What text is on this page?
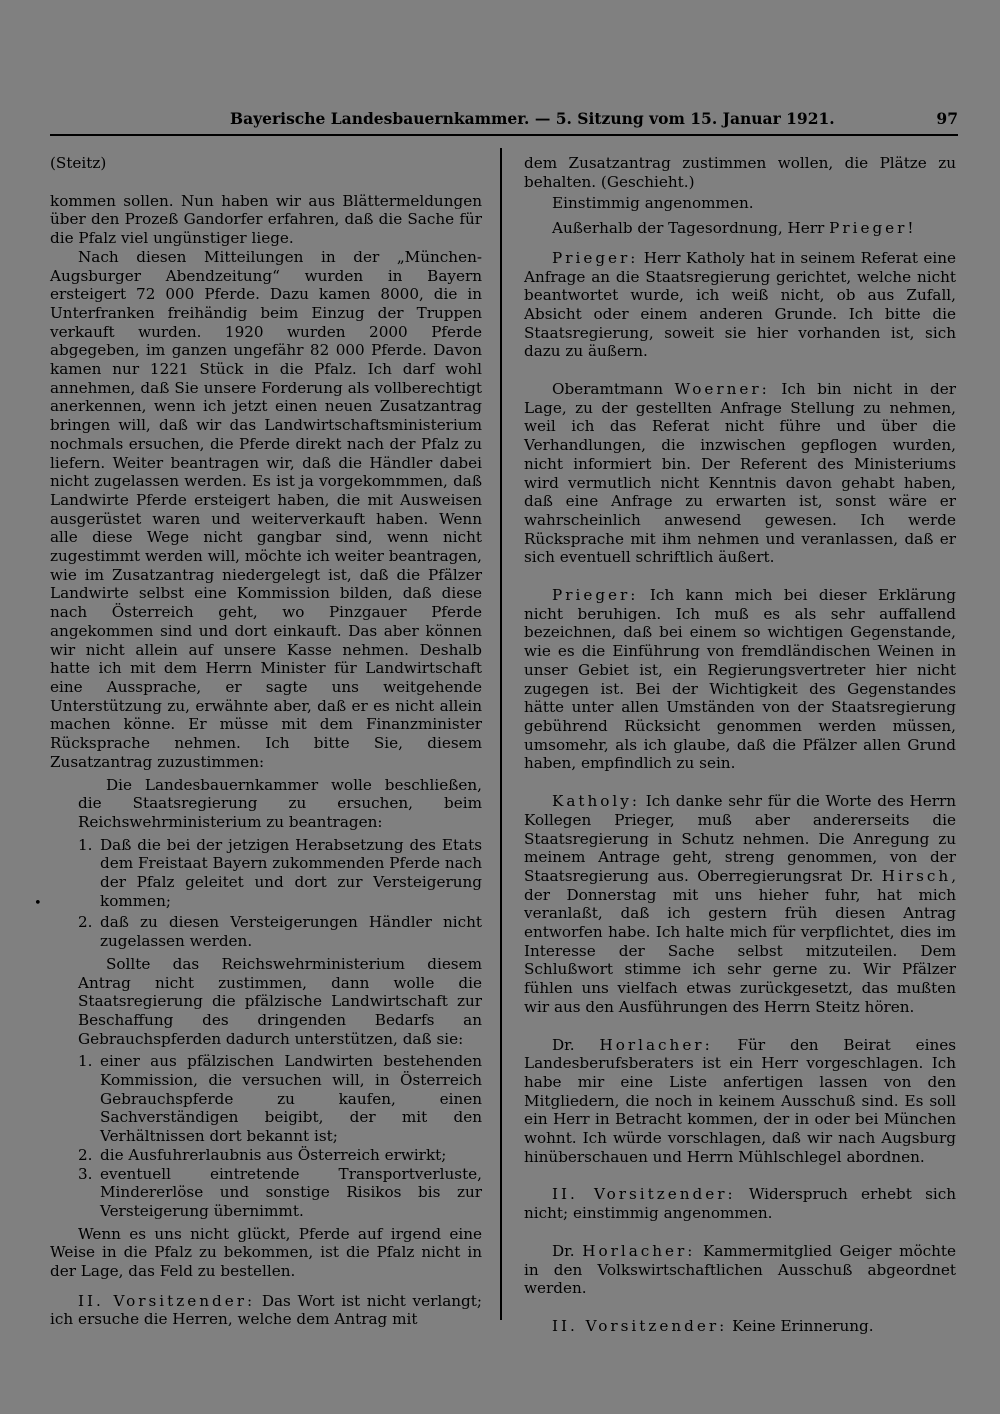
Bayerische Landesbauernkammer. — 5. Sitzung vom 15. Januar 1921.	97

(Steitz)

kommen sollen. Nun haben wir aus Blättermeldungen über den Prozeß Gandorfer erfahren, daß die Sache für die Pfalz viel ungünstiger liege.

Nach diesen Mitteilungen in der „München-Augsburger Abendzeitung“ wurden in Bayern ersteigert 72 000 Pferde. Dazu kamen 8000, die in Unterfranken freihändig beim Einzug der Truppen verkauft wurden. 1920 wurden 2000 Pferde abgegeben, im ganzen ungefähr 82 000 Pferde. Davon kamen nur 1221 Stück in die Pfalz. Ich darf wohl annehmen, daß Sie unsere Forderung als vollberechtigt anerkennen, wenn ich jetzt einen neuen Zusatzantrag bringen will, daß wir das Landwirtschaftsministerium nochmals ersuchen, die Pferde direkt nach der Pfalz zu liefern. Weiter beantragen wir, daß die Händler dabei nicht zugelassen werden. Es ist ja vorgekommmen, daß Landwirte Pferde ersteigert haben, die mit Ausweisen ausgerüstet waren und weiterverkauft haben. Wenn alle diese Wege nicht gangbar sind, wenn nicht zugestimmt werden will, möchte ich weiter beantragen, wie im Zusatzantrag niedergelegt ist, daß die Pfälzer Landwirte selbst eine Kommission bilden, daß diese nach Österreich geht, wo Pinzgauer Pferde angekommen sind und dort einkauft. Das aber können wir nicht allein auf unsere Kasse nehmen. Deshalb hatte ich mit dem Herrn Minister für Landwirtschaft eine Aussprache, er sagte uns weitgehende Unterstützung zu, erwähnte aber, daß er es nicht allein machen könne. Er müsse mit dem Finanzminister Rücksprache nehmen. Ich bitte Sie, diesem Zusatzantrag zuzustimmen:

Die Landesbauernkammer wolle beschließen, die Staatsregierung zu ersuchen, beim Reichswehrministerium zu beantragen:

1. Daß die bei der jetzigen Herabsetzung des Etats dem Freistaat Bayern zukommenden Pferde nach der Pfalz geleitet und dort zur Versteigerung kommen;

2. daß zu diesen Versteigerungen Händler nicht zugelassen werden.

Sollte das Reichswehrministerium diesem Antrag nicht zustimmen, dann wolle die Staatsregierung die pfälzische Landwirtschaft zur Beschaffung des dringenden Bedarfs an Gebrauchspferden dadurch unterstützen, daß sie:

1. einer aus pfälzischen Landwirten bestehenden Kommission, die versuchen will, in Österreich Gebrauchspferde zu kaufen, einen Sachverständigen beigibt, der mit den Verhältnissen dort bekannt ist;

2. die Ausfuhrerlaubnis aus Österreich erwirkt;

3. eventuell eintretende Transportverluste, Mindererlöse und sonstige Risikos bis zur Versteigerung übernimmt.

Wenn es uns nicht glückt, Pferde auf irgend eine Weise in die Pfalz zu bekommen, ist die Pfalz nicht in der Lage, das Feld zu bestellen.

II. Vorsitzender: Das Wort ist nicht verlangt; ich ersuche die Herren, welche dem Antrag mit

•

dem Zusatzantrag zustimmen wollen, die Plätze zu behalten. (Geschieht.)

Einstimmig angenommen.

Außerhalb der Tagesordnung, Herr Prieger!

Prieger: Herr Katholy hat in seinem Referat eine Anfrage an die Staatsregierung gerichtet, welche nicht beantwortet wurde, ich weiß nicht, ob aus Zufall, Absicht oder einem anderen Grunde. Ich bitte die Staatsregierung, soweit sie hier vorhanden ist, sich dazu zu äußern.

Oberamtmann Woerner: Ich bin nicht in der Lage, zu der gestellten Anfrage Stellung zu nehmen, weil ich das Referat nicht führe und über die Verhandlungen, die inzwischen gepflogen wurden, nicht informiert bin. Der Referent des Ministeriums wird vermutlich nicht Kenntnis davon gehabt haben, daß eine Anfrage zu erwarten ist, sonst wäre er wahrscheinlich anwesend gewesen. Ich werde Rücksprache mit ihm nehmen und veranlassen, daß er sich eventuell schriftlich äußert.

Prieger: Ich kann mich bei dieser Erklärung nicht beruhigen. Ich muß es als sehr auffallend bezeichnen, daß bei einem so wichtigen Gegenstande, wie es die Einführung von fremdländischen Weinen in unser Gebiet ist, ein Regierungsvertreter hier nicht zugegen ist. Bei der Wichtigkeit des Gegenstandes hätte unter allen Umständen von der Staatsregierung gebührend Rücksicht genommen werden müssen, umsomehr, als ich glaube, daß die Pfälzer allen Grund haben, empfindlich zu sein.

Katholy: Ich danke sehr für die Worte des Herrn Kollegen Prieger, muß aber andererseits die Staatsregierung in Schutz nehmen. Die Anregung zu meinem Antrage geht, streng genommen, von der Staatsregierung aus. Oberregierungsrat Dr. Hirsch, der Donnerstag mit uns hieher fuhr, hat mich veranlaßt, daß ich gestern früh diesen Antrag entworfen habe. Ich halte mich für verpflichtet, dies im Interesse der Sache selbst mitzuteilen. Dem Schlußwort stimme ich sehr gerne zu. Wir Pfälzer fühlen uns vielfach etwas zurückgesetzt, das mußten wir aus den Ausführungen des Herrn Steitz hören.

Dr. Horlacher: Für den Beirat eines Landesberufsberaters ist ein Herr vorgeschlagen. Ich habe mir eine Liste anfertigen lassen von den Mitgliedern, die noch in keinem Ausschuß sind. Es soll ein Herr in Betracht kommen, der in oder bei München wohnt. Ich würde vorschlagen, daß wir nach Augsburg hinüberschauen und Herrn Mühlschlegel abordnen.

II. Vorsitzender: Widerspruch erhebt sich nicht; einstimmig angenommen.

Dr. Horlacher: Kammermitglied Geiger möchte in den Volkswirtschaftlichen Ausschuß abgeordnet werden.

II. Vorsitzender: Keine Erinnerung.
